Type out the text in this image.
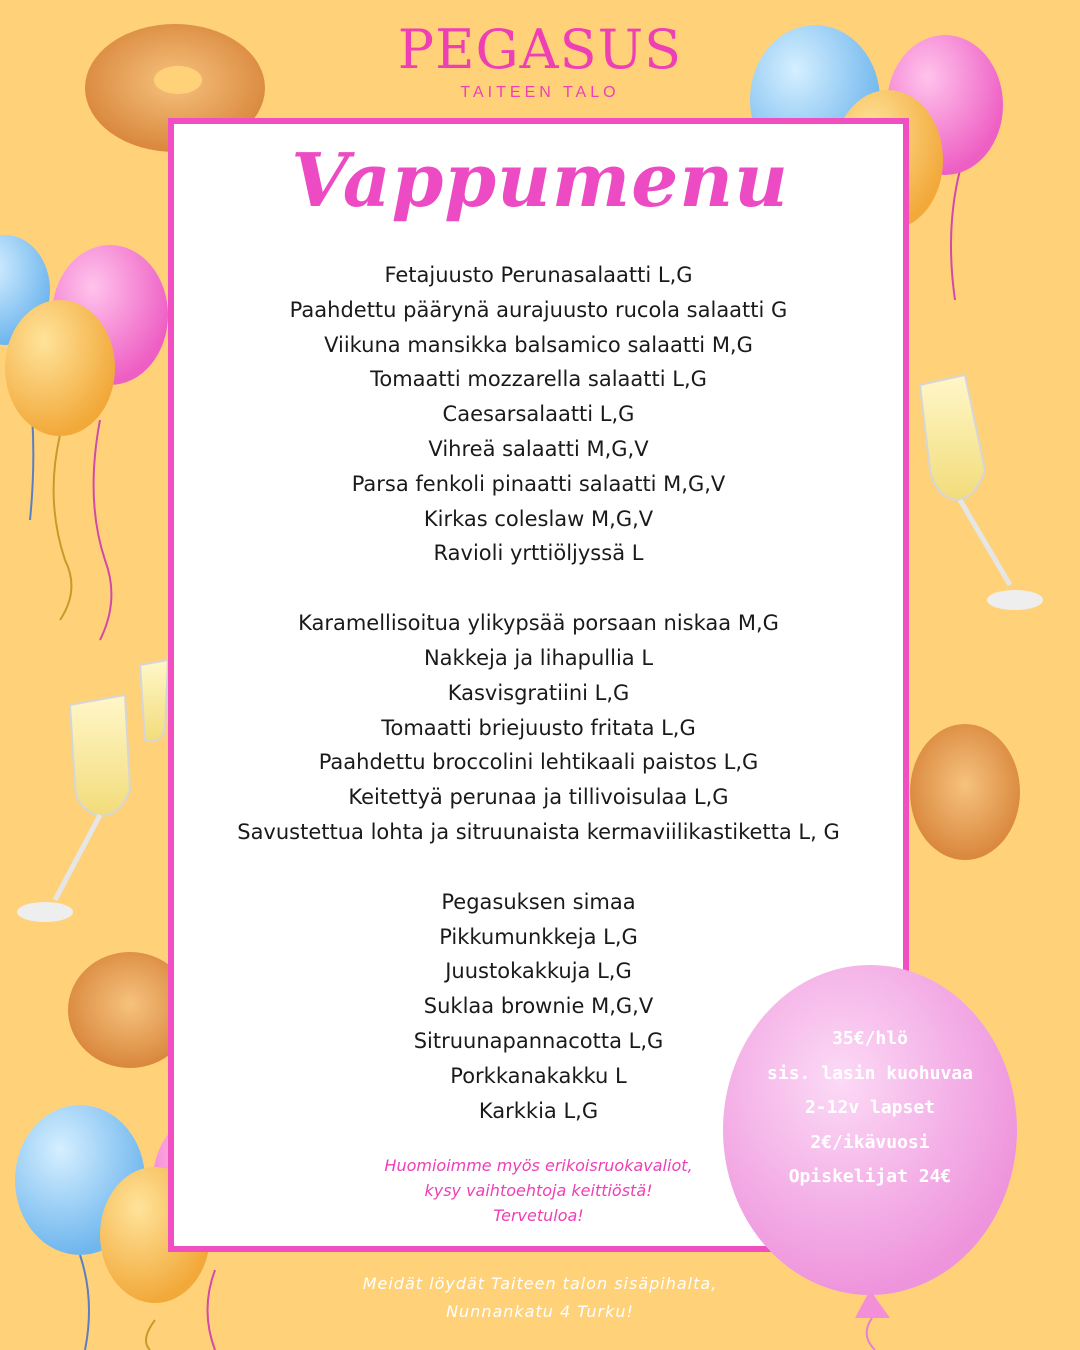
PEGASUS
TAITEEN TALO
Vappumenu
Fetajuusto Perunasalaatti L,G
Paahdettu päärynä aurajuusto rucola salaatti G
Viikuna mansikka balsamico salaatti M,G
Tomaatti mozzarella salaatti L,G
Caesarsalaatti L,G
Vihreä salaatti M,G,V
Parsa fenkoli pinaatti salaatti M,G,V
Kirkas coleslaw M,G,V
Ravioli yrttiöljyssä L
Karamellisoitua ylikypsää porsaan niskaa M,G
Nakkeja ja lihapullia L
Kasvisgratiini L,G
Tomaatti briejuusto fritata L,G
Paahdettu broccolini lehtikaali paistos L,G
Keitettyä perunaa ja tillivoisulaa L,G
Savustettua lohta ja sitruunaista kermaviilikastiketta L, G
Pegasuksen simaa
Pikkumunkkeja L,G
Juustokakkuja L,G
Suklaa brownie M,G,V
Sitruunapannacotta L,G
Porkkanakakku L
Karkkia L,G
Huomioimme myös erikoisruokavaliot,
kysy vaihtoehtoja keittiöstä!
Tervetuloa!
35€/hlö
sis. lasin kuohuvaa
2-12v lapset
2€/ikävuosi
Opiskelijat 24€
Meidät löydät Taiteen talon sisäpihalta,
Nunnankatu 4 Turku!
